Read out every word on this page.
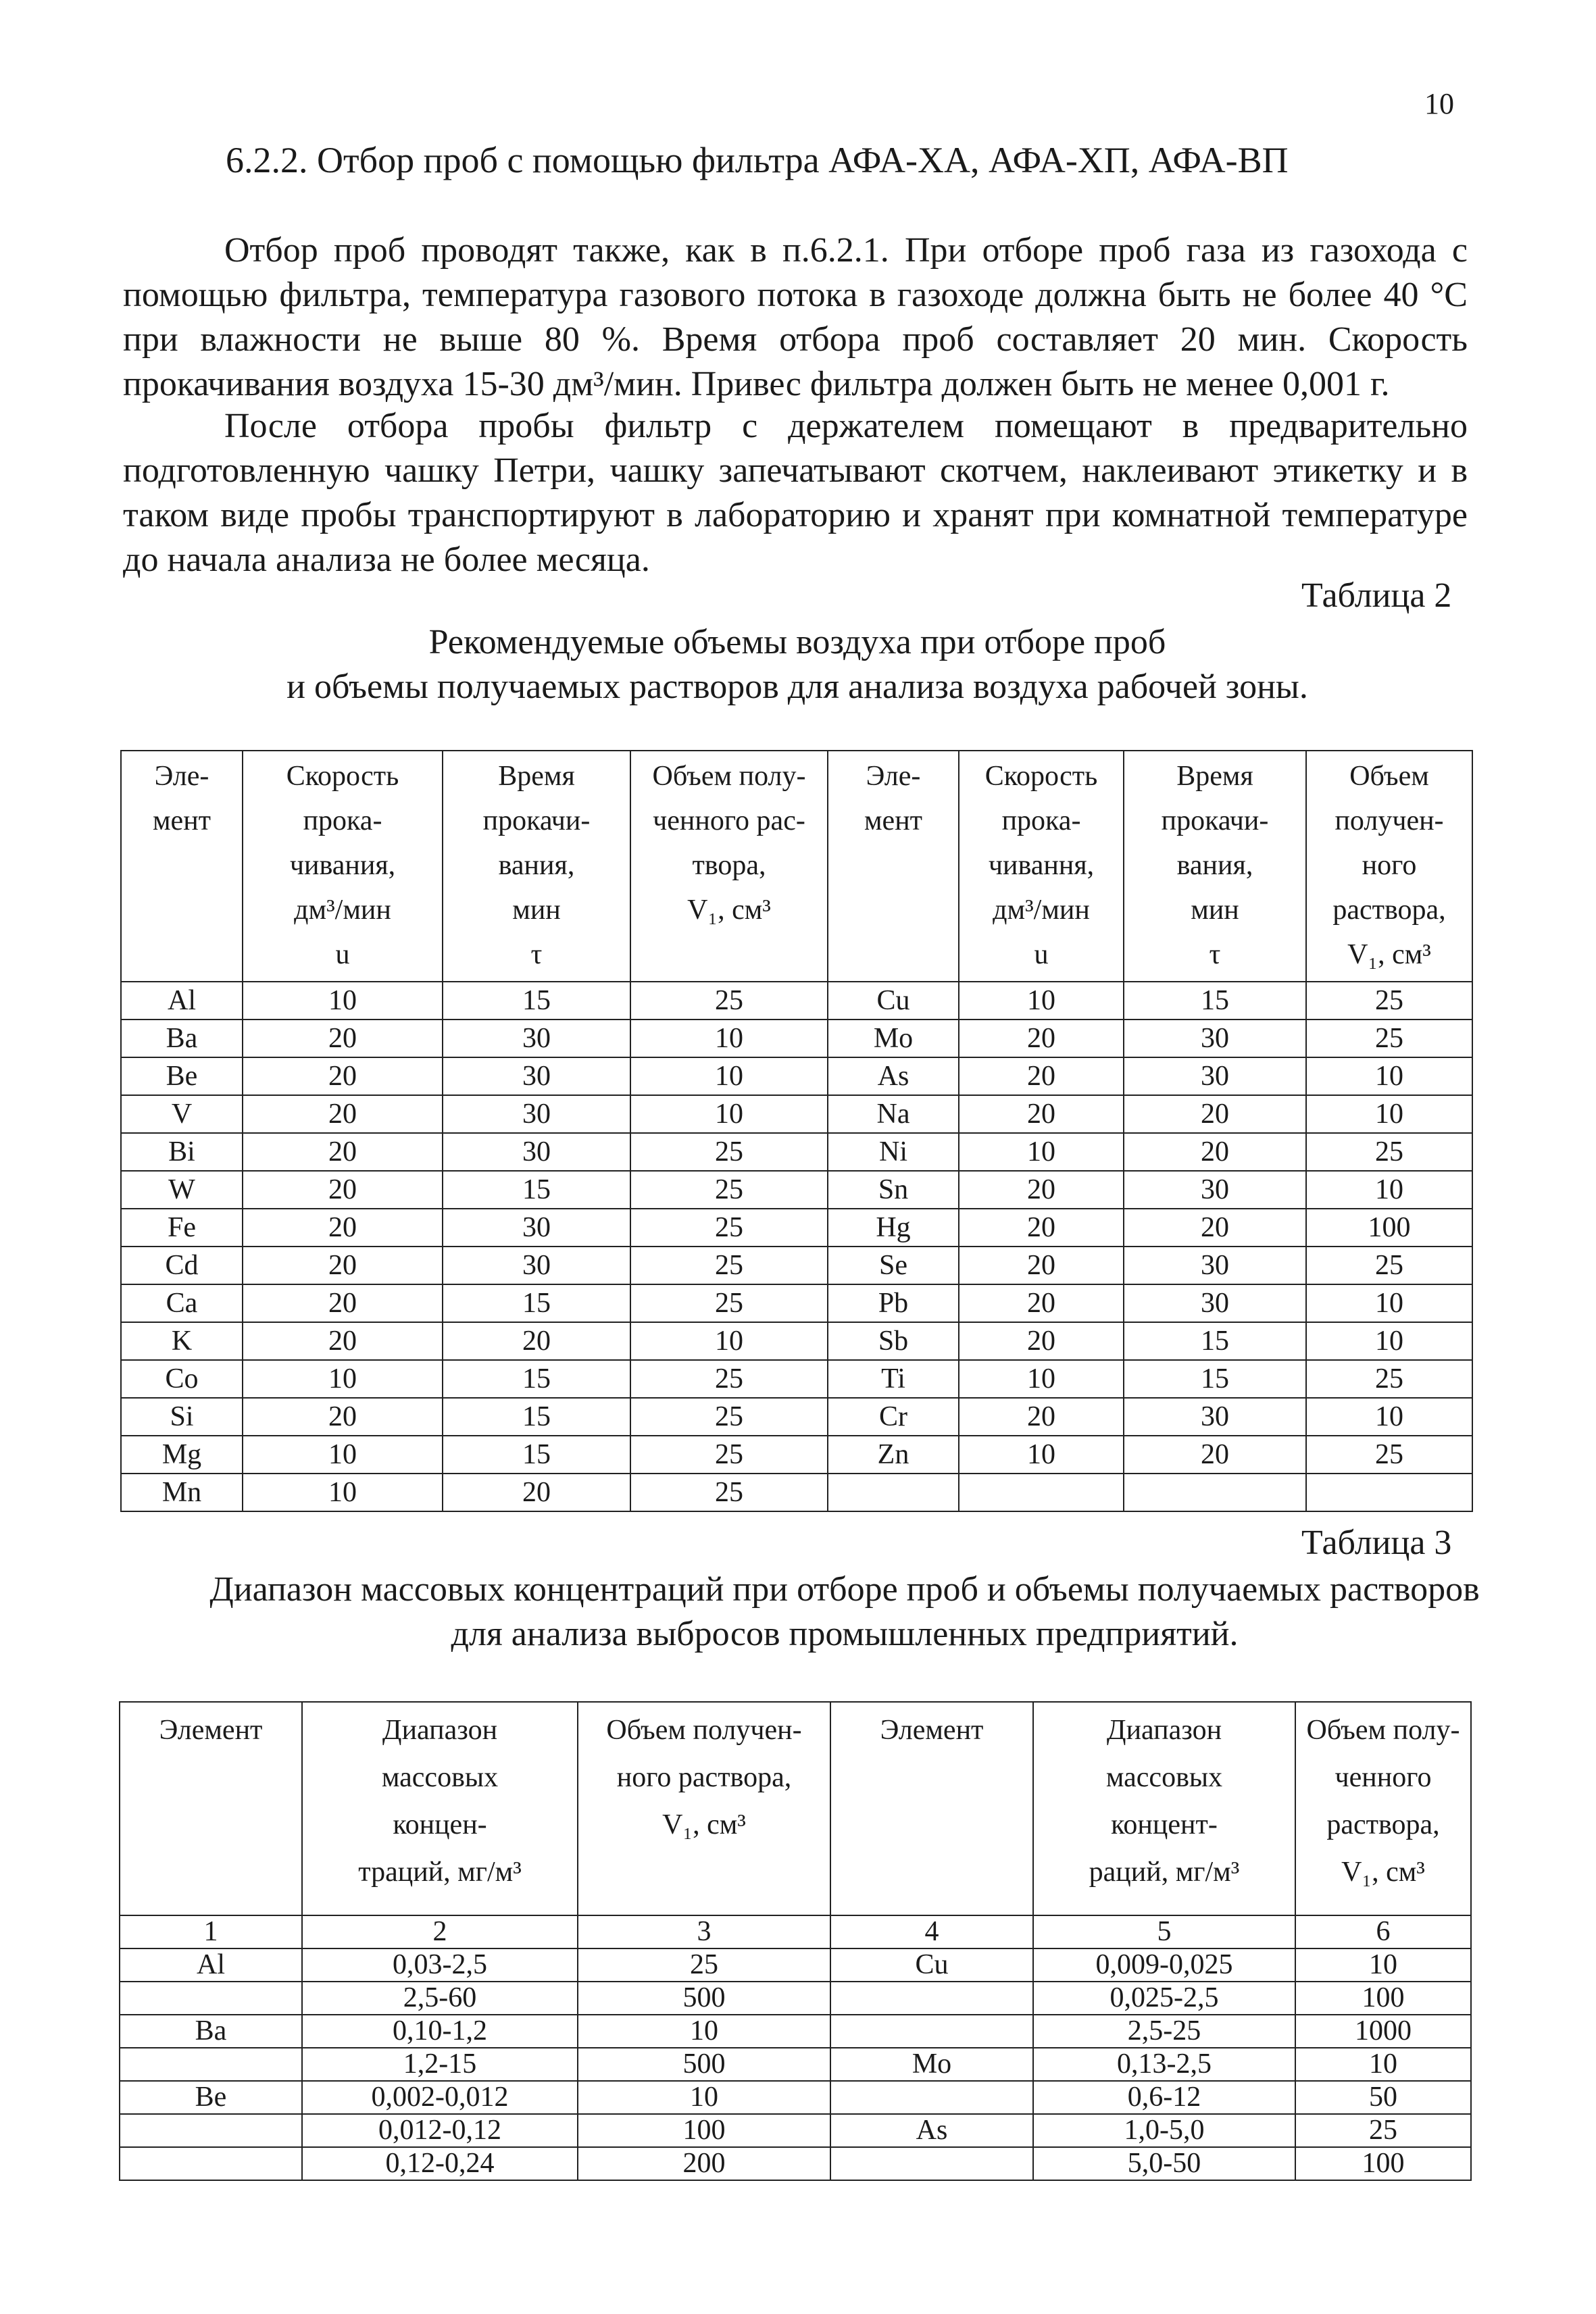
10
6.2.2. Отбор проб с помощью фильтра АФА-ХА, АФА-ХП, АФА-ВП

Отбор проб проводят также, как в п.6.2.1. При отборе проб газа из газохода с помощью фильтра, температура газового потока в газоходе должна быть не более 40 °С при влажности не выше 80 %. Время отбора проб составляет 20 мин. Скорость прокачивания воздуха 15-30 дм³/мин. Привес фильтра должен быть не менее 0,001 г.

После отбора пробы фильтр с держателем помещают в предварительно подготовленную чашку Петри, чашку запечатывают скотчем, наклеивают этикетку и в таком виде пробы транспортируют в лабораторию и хранят при комнатной температуре до начала анализа не более месяца.

Таблица 2
Рекомендуемые объемы воздуха при отборе проб
и объемы получаемых растворов для анализа воздуха рабочей зоны.
Эле-
мент	Скорость
прока-
чивания,
дм³/мин
u	Время
прокачи-
вания,
мин
τ	Объем полу-
ченного рас-
твора,
V₁, см³	Эле-
мент	Скорость
прока-
чивання,
дм³/мин
u	Время
прокачи-
вания,
мин
τ	Объем
получен-
ного
раствора,
V₁, см³
Al	10	15	25	Cu	10	15	25
Ba	20	30	10	Mo	20	30	25
Be	20	30	10	As	20	30	10
V	20	30	10	Na	20	20	10
Bi	20	30	25	Ni	10	20	25
W	20	15	25	Sn	20	30	10
Fe	20	30	25	Hg	20	20	100
Cd	20	30	25	Se	20	30	25
Ca	20	15	25	Pb	20	30	10
K	20	20	10	Sb	20	15	10
Co	10	15	25	Ti	10	15	25
Si	20	15	25	Cr	20	30	10
Mg	10	15	25	Zn	10	20	25
Mn	10	20	25				
Таблица 3
Диапазон массовых концентраций при отборе проб и объемы получаемых растворов для анализа выбросов промышленных предприятий.
Элемент	Диапазон
массовых
концен-
траций, мг/м³	Объем получен-
ного раствора,
V₁, см³	Элемент	Диапазон
массовых
концент-
раций, мг/м³	Объем полу-
ченного
раствора,
V₁, см³
1	2	3	4	5	6
Al	0,03-2,5	25	Cu	0,009-0,025	10
	2,5-60	500		0,025-2,5	100
Ba	0,10-1,2	10		2,5-25	1000
	1,2-15	500	Mo	0,13-2,5	10
Be	0,002-0,012	10		0,6-12	50
	0,012-0,12	100	As	1,0-5,0	25
	0,12-0,24	200		5,0-50	100
